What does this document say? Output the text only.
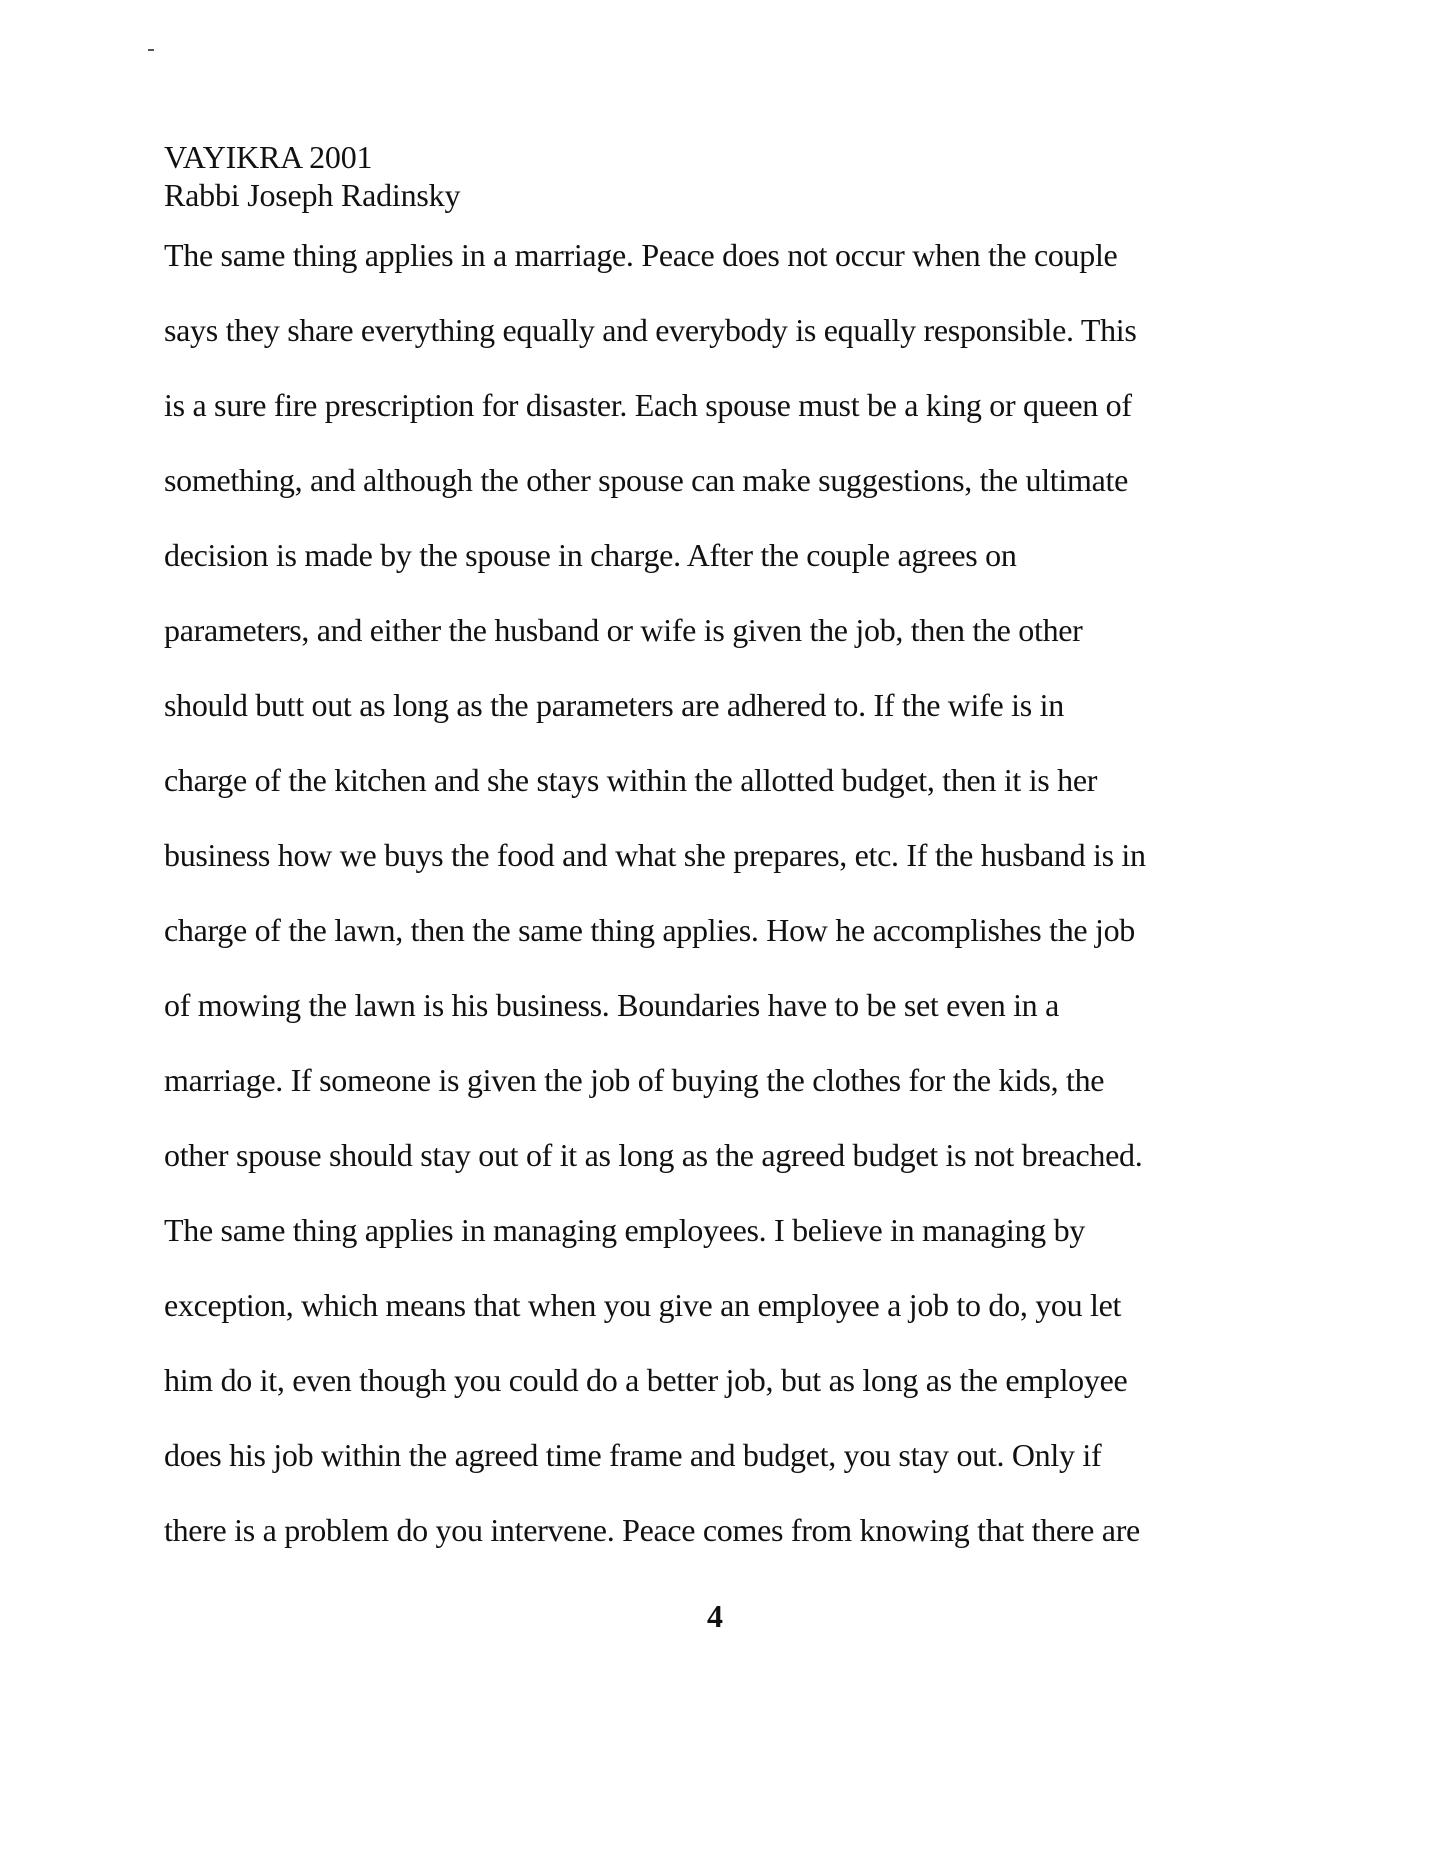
VAYIKRA 2001
Rabbi Joseph Radinsky
The same thing applies in a marriage. Peace does not occur when the couple
says they share everything equally and everybody is equally responsible. This
is a sure fire prescription for disaster. Each spouse must be a king or queen of
something, and although the other spouse can make suggestions, the ultimate
decision is made by the spouse in charge. After the couple agrees on
parameters, and either the husband or wife is given the job, then the other
should butt out as long as the parameters are adhered to. If the wife is in
charge of the kitchen and she stays within the allotted budget, then it is her
business how we buys the food and what she prepares, etc. If the husband is in
charge of the lawn, then the same thing applies. How he accomplishes the job
of mowing the lawn is his business. Boundaries have to be set even in a
marriage. If someone is given the job of buying the clothes for the kids, the
other spouse should stay out of it as long as the agreed budget is not breached.
The same thing applies in managing employees. I believe in managing by
exception, which means that when you give an employee a job to do, you let
him do it, even though you could do a better job, but as long as the employee
does his job within the agreed time frame and budget, you stay out. Only if
there is a problem do you intervene. Peace comes from knowing that there are
4
